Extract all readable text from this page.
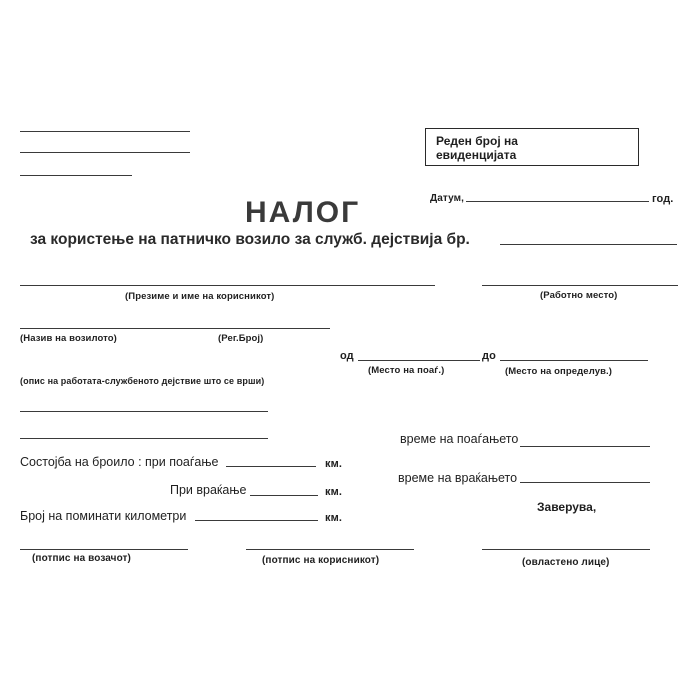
Реден број на
евиденцијата
Датум,	год.
НАЛОГ
за користење на патничко возило за служб. дејствија бр.
(Презиме и име на корисникот)	(Работно место)
(Назив на возилото)	(Рег.Број)
од
(Место на поаѓ.)
до
(Место на определув.)
(опис на работата-службеното дејствие што се врши)
време на поаѓањето
време на враќањето
Состојба на броило : при поаѓање	км.
При враќање	км.
Број на поминати километри	км.
Заверува,
(потпис на возачот)	(потпис на корисникот)	(овластено лице)
